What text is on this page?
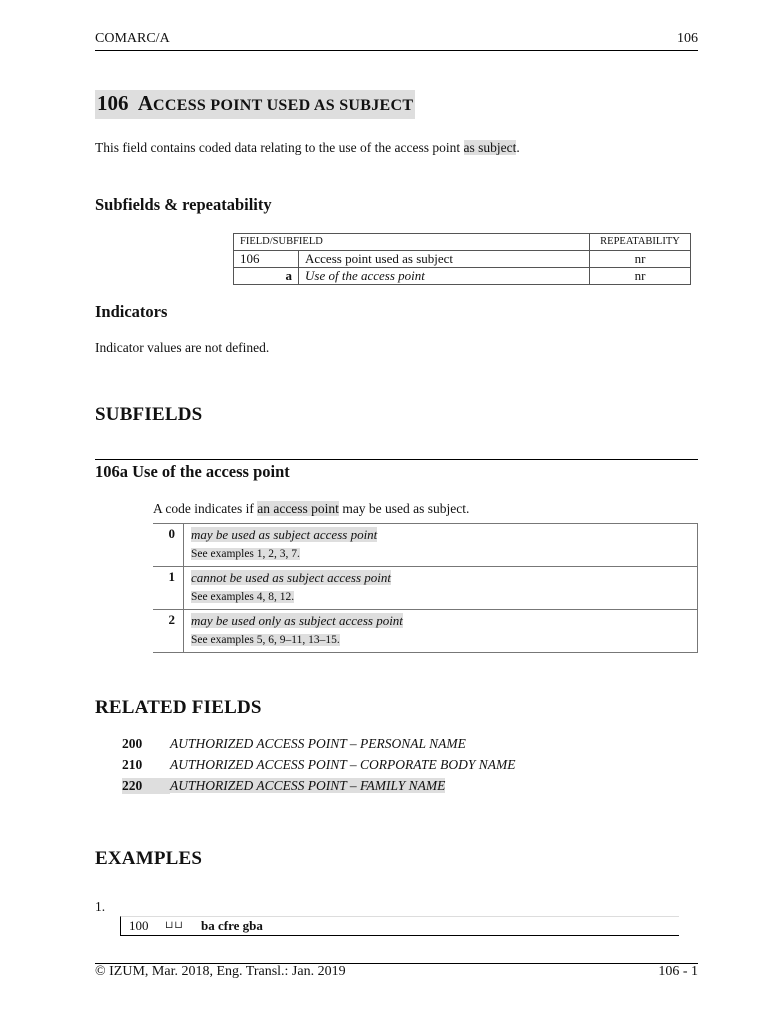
COMARC/A	106
106 ACCESS POINT USED AS SUBJECT
This field contains coded data relating to the use of the access point as subject.
Subfields & repeatability
FIELD/SUBFIELD		REPEATABILITY
106	Access point used as subject	nr
a	Use of the access point	nr
Indicators
Indicator values are not defined.
SUBFIELDS
106a Use of the access point
A code indicates if an access point may be used as subject.
0	may be used as subject access point
See examples 1, 2, 3, 7.

1	cannot be used as subject access point
See examples 4, 8, 12.

2	may be used only as subject access point
See examples 5, 6, 9–11, 13–15.
RELATED FIELDS
200 AUTHORIZED ACCESS POINT – PERSONAL NAME
210 AUTHORIZED ACCESS POINT – CORPORATE BODY NAME
220 AUTHORIZED ACCESS POINT – FAMILY NAME
EXAMPLES
1.
100 ⊔⊔ ba cfre gba
© IZUM, Mar. 2018, Eng. Transl.: Jan. 2019	106 - 1
